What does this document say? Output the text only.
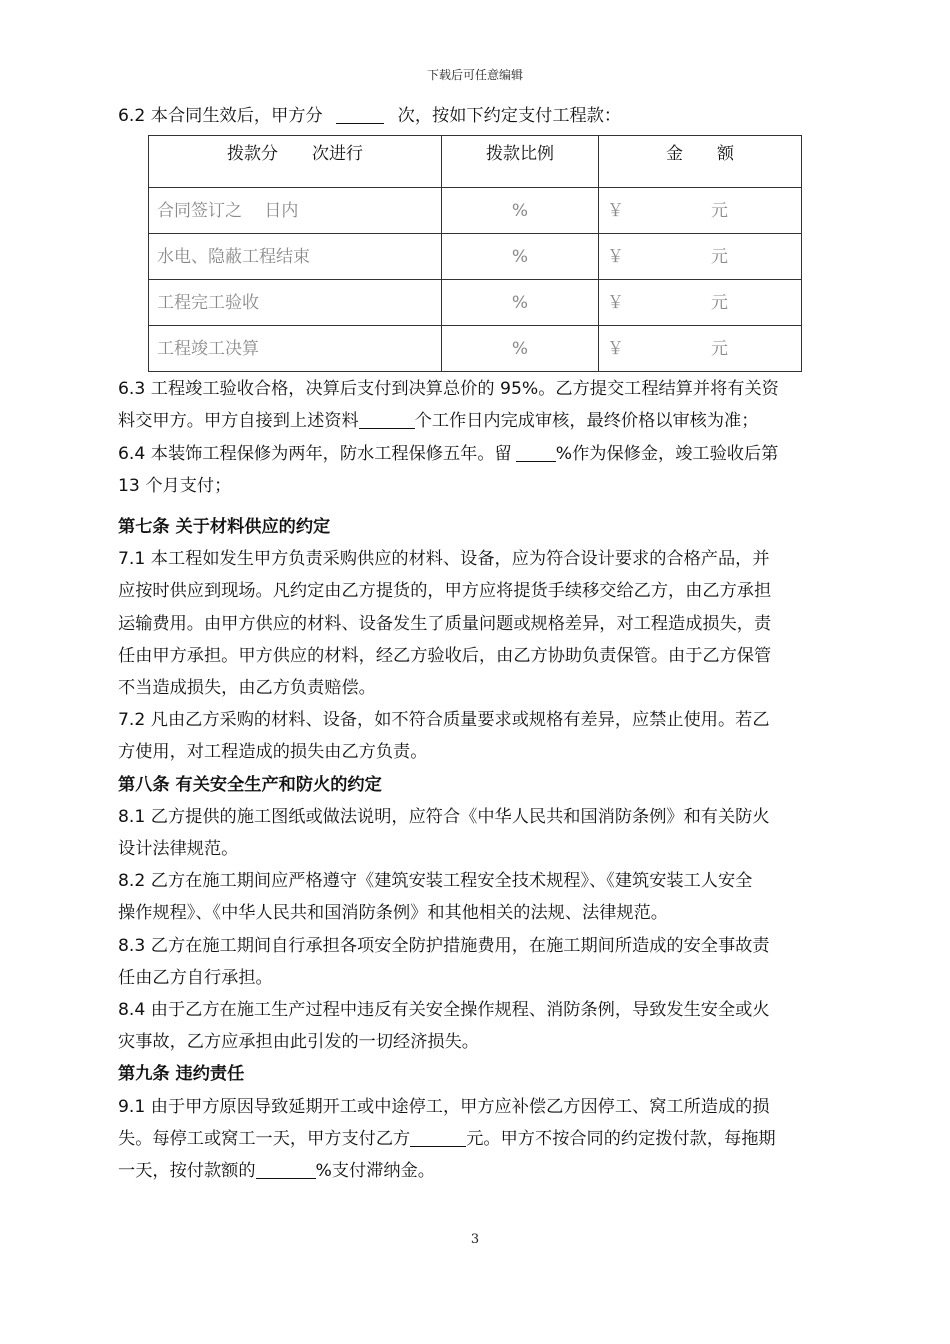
下载后可任意编辑

6.2 本合同生效后，甲方分	次，按如下约定支付工程款：

拨款分　　次进行	拨款比例	金　　额
合同签订之　 日内	%	￥ 元
水电、隐蔽工程结束	%	￥ 元
工程完工验收	%	￥ 元
工程竣工决算	%	￥ 元

6.3 工程竣工验收合格，决算后支付到决算总价的 95%。乙方提交工程结算并将有关资

料交甲方。甲方自接到上述资料	个工作日内完成审核，最终价格以审核为准；

6.4 本装饰工程保修为两年，防水工程保修五年。留	%作为保修金，竣工验收后第

13 个月支付；

第七条 关于材料供应的约定

7.1 本工程如发生甲方负责采购供应的材料、设备，应为符合设计要求的合格产品，并

应按时供应到现场。凡约定由乙方提货的，甲方应将提货手续移交给乙方，由乙方承担

运输费用。由甲方供应的材料、设备发生了质量问题或规格差异，对工程造成损失，责

任由甲方承担。甲方供应的材料，经乙方验收后，由乙方协助负责保管。由于乙方保管

不当造成损失，由乙方负责赔偿。

7.2 凡由乙方采购的材料、设备，如不符合质量要求或规格有差异，应禁止使用。若乙

方使用，对工程造成的损失由乙方负责。

第八条 有关安全生产和防火的约定

8.1 乙方提供的施工图纸或做法说明，应符合《中华人民共和国消防条例》和有关防火

设计法律规范。

8.2 乙方在施工期间应严格遵守《建筑安装工程安全技术规程》、《建筑安装工人安全

操作规程》、《中华人民共和国消防条例》和其他相关的法规、法律规范。

8.3 乙方在施工期间自行承担各项安全防护措施费用，在施工期间所造成的安全事故责

任由乙方自行承担。

8.4 由于乙方在施工生产过程中违反有关安全操作规程、消防条例，导致发生安全或火

灾事故，乙方应承担由此引发的一切经济损失。

第九条 违约责任

9.1 由于甲方原因导致延期开工或中途停工，甲方应补偿乙方因停工、窝工所造成的损

失。每停工或窝工一天，甲方支付乙方	元。甲方不按合同的约定拨付款，每拖期

一天，按付款额的	%支付滞纳金。

3
